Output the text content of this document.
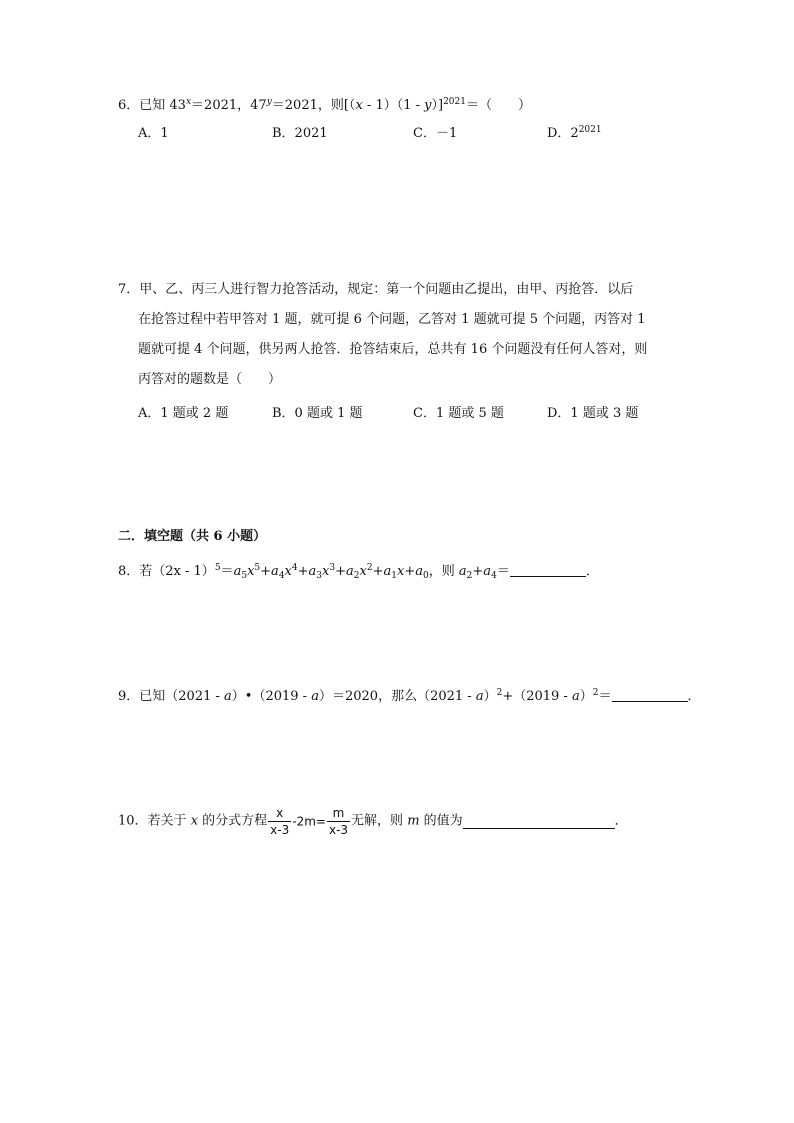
6．已知 $43^x=2021$，$47^y=2021$，则[（x - 1）（1 - y）]$^{2021}$＝（　　）
A．1	B．2021	C．－1	D．$2^{2021}$
7．甲、乙、丙三人进行智力抢答活动，规定：第一个问题由乙提出，由甲、丙抢答．以后
在抢答过程中若甲答对 1 题，就可提 6 个问题，乙答对 1 题就可提 5 个问题，丙答对 1
题就可提 4 个问题，供另两人抢答．抢答结束后，总共有 16 个问题没有任何人答对，则
丙答对的题数是（　　）
A．1 题或 2 题	B．0 题或 1 题	C．1 题或 5 题	D．1 题或 3 题
二．填空题（共 6 小题）
8．若$(2x - 1)^5=a_5x^5+a_4x^4+a_3x^3+a_2x^2+a_1x+a_0$，则 $a_2+a_4=$	．
9．已知（2021 - a）•（2019 - a）＝2020，那么（2021 - a）$^2$+（2019 - a）$^2$＝	．
10．若关于 x 的分式方程 $\frac{x}{x-3} -2m= \frac{m}{x-3}$ 无解，则 m 的值为	．
